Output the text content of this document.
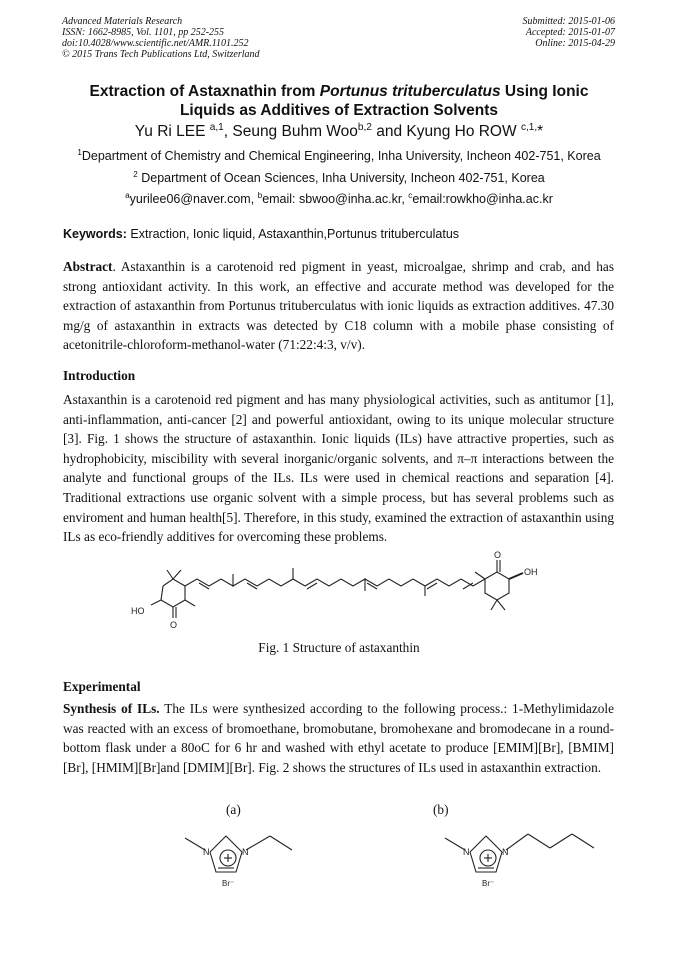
Advanced Materials Research
ISSN: 1662-8985, Vol. 1101, pp 252-255
doi:10.4028/www.scientific.net/AMR.1101.252
© 2015 Trans Tech Publications Ltd, Switzerland
Submitted: 2015-01-06
Accepted: 2015-01-07
Online: 2015-04-29
Extraction of Astaxnathin from Portunus trituberculatus Using Ionic
Liquids as Additives of Extraction Solvents
Yu Ri LEE $^{a,1}$, Seung Buhm Woo$^{b,2}$ and Kyung Ho ROW $^{c,1,}$*
$^1$Department of Chemistry and Chemical Engineering, Inha University, Incheon 402-751, Korea
$^2$ Department of Ocean Sciences, Inha University, Incheon 402-751, Korea
$^a$yurilee06@naver.com, $^b$email: sbwoo@inha.ac.kr, $^c$email:rowkho@inha.ac.kr
Keywords: Extraction, Ionic liquid, Astaxanthin,Portunus trituberculatus
Abstract. Astaxanthin is a carotenoid red pigment in yeast, microalgae, shrimp and crab, and has strong antioxidant activity. In this work, an effective and accurate method was developed for the extraction of astaxanthin from Portunus trituberculatus with ionic liquids as extraction additives. 47.30 mg/g of astaxanthin in extracts was detected by C18 column with a mobile phase consisting of acetonitrile-chloroform-methanol-water (71:22:4:3, v/v).
Introduction
Astaxanthin is a carotenoid red pigment and has many physiological activities, such as antitumor [1], anti-inflammation, anti-cancer [2] and powerful antioxidant, owing to its unique molecular structure [3]. Fig. 1 shows the structure of astaxanthin. Ionic liquids (ILs) have attractive properties, such as hydrophobicity, miscibility with several inorganic/organic solvents, and π–π interactions between the analyte and functional groups of the ILs. ILs were used in chemical reactions and separation [4]. Traditional extractions use organic solvent with a simple process, but has several problems such as enviroment and human health[5]. Therefore, in this study, examined the extraction of astaxanthin using ILs as eco-friendly additives for overcoming these problems.
HO
OH
O
O
Fig. 1 Structure of astaxanthin
Experimental
Synthesis of ILs. The ILs were synthesized according to the following process.: 1-Methylimidazole was reacted with an excess of bromoethane, bromobutane, bromohexane and bromodecane in a round-bottom flask under a 80oC for 6 hr and washed with ethyl acetate to produce [EMIM][Br], [BMIM][Br], [HMIM][Br]and [DMIM][Br]. Fig. 2 shows the structures of ILs used in astaxanthin extraction.
(a)	(b)
N	N
Br⁻
N	N
Br⁻
